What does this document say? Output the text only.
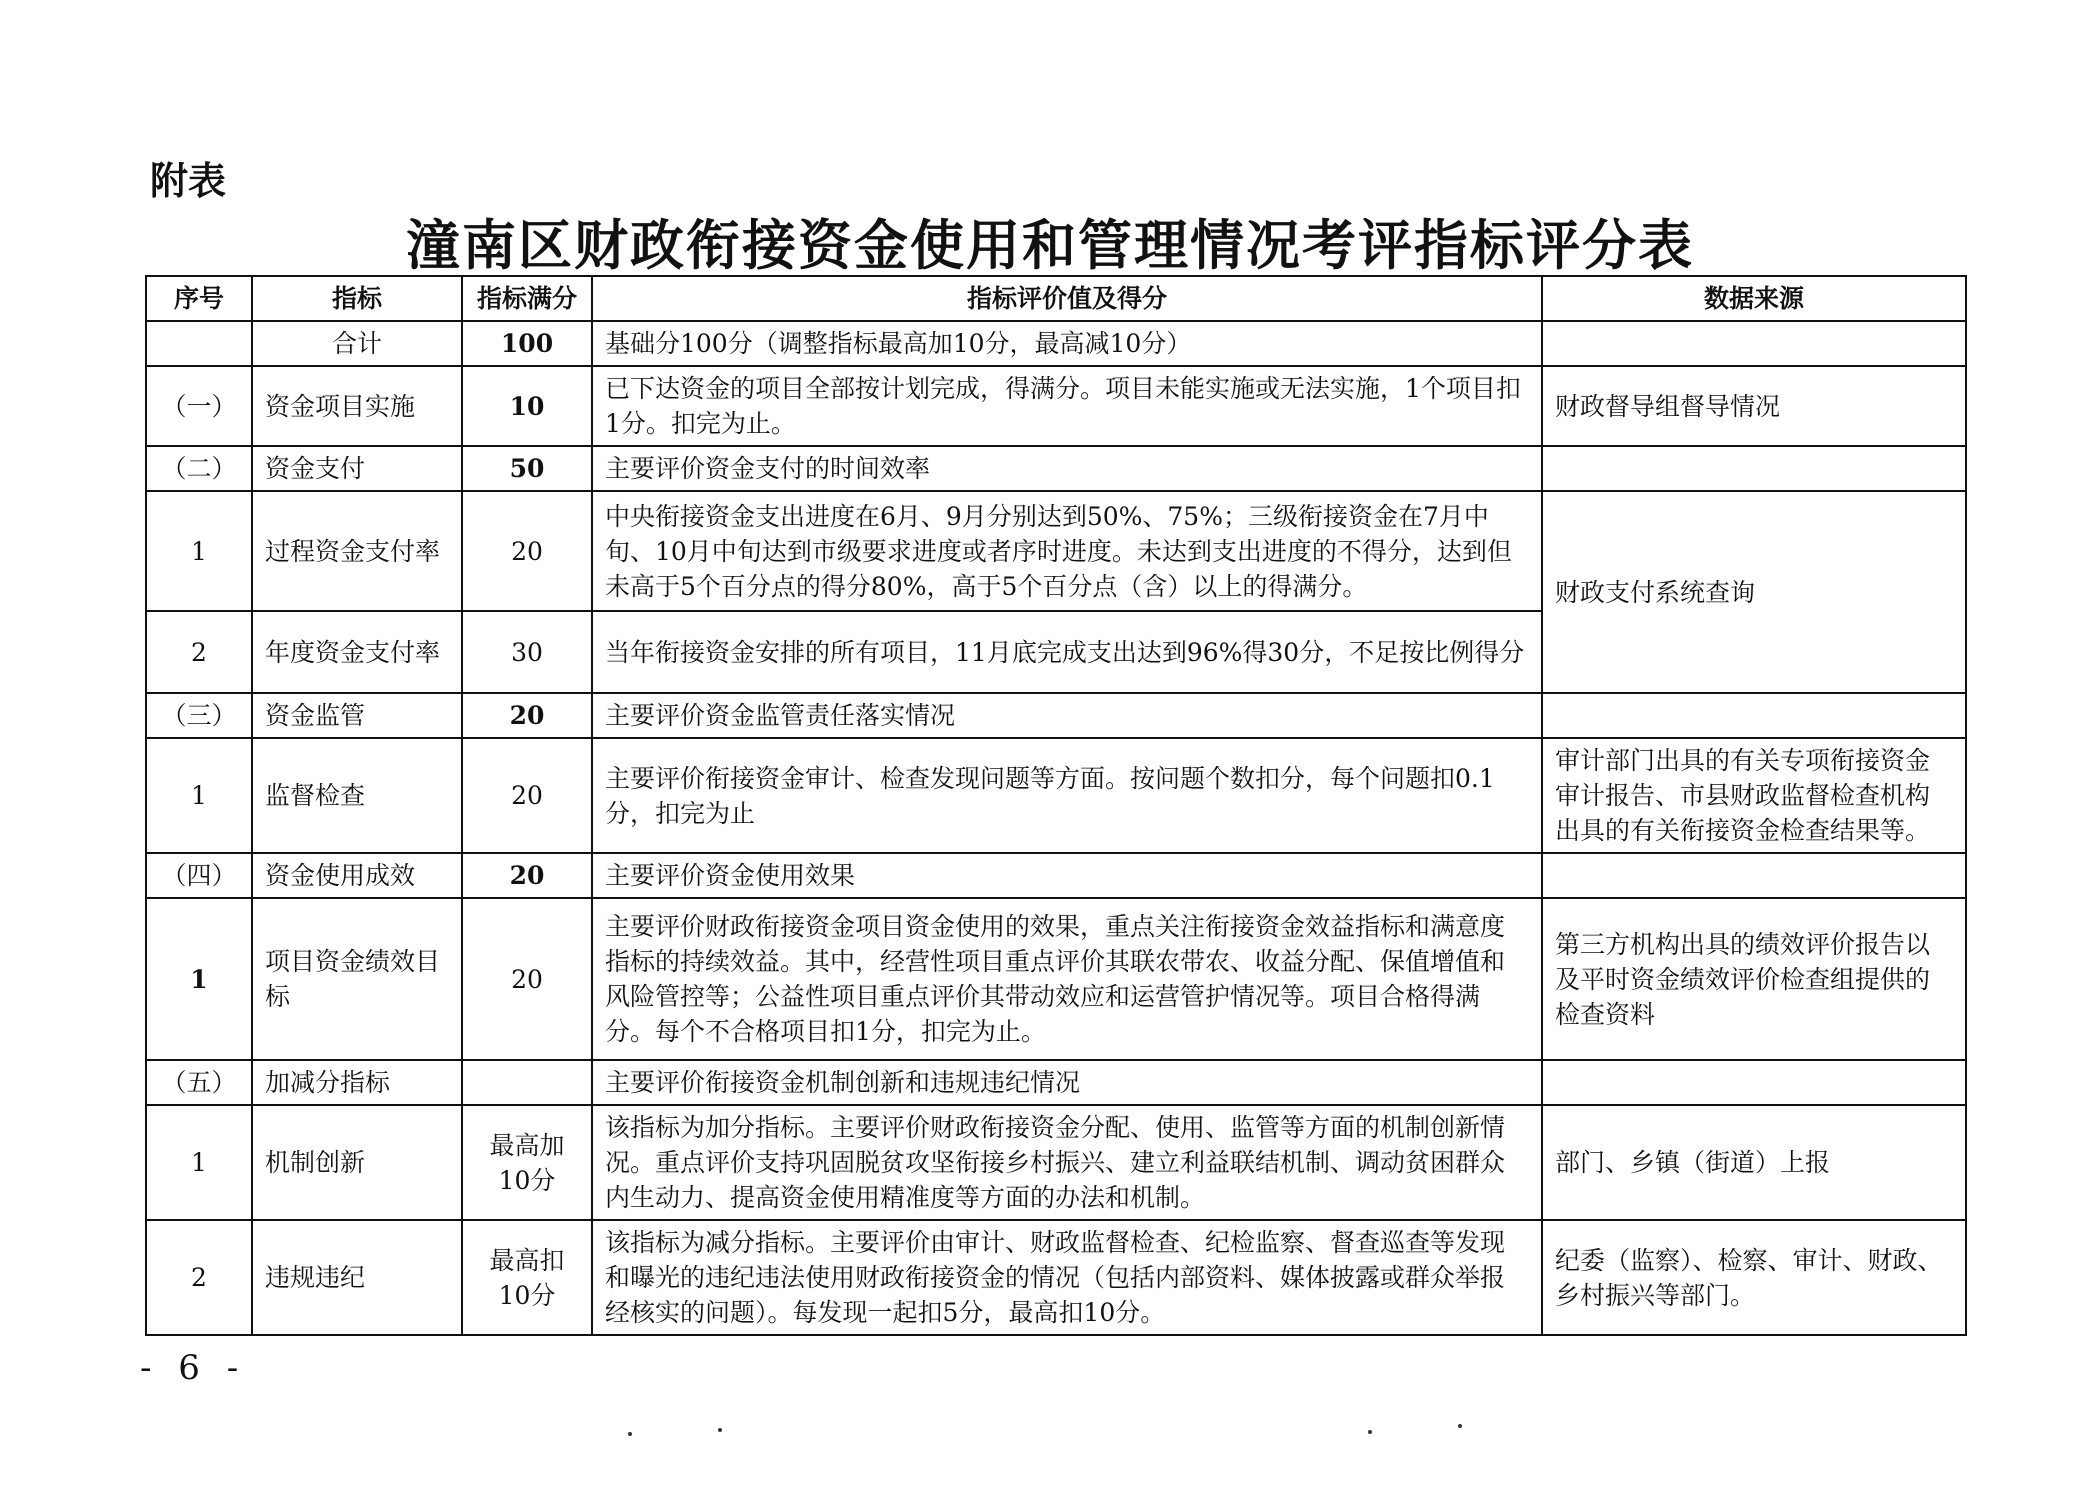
附表
潼南区财政衔接资金使用和管理情况考评指标评分表
序号	指标	指标满分	指标评价值及得分	数据来源
	合计	100	基础分100分（调整指标最高加10分，最高减10分）	
（一）	资金项目实施	10	已下达资金的项目全部按计划完成，得满分。项目未能实施或无法实施，1个项目扣1分。扣完为止。	财政督导组督导情况
（二）	资金支付	50	主要评价资金支付的时间效率	
1	过程资金支付率	20	中央衔接资金支出进度在6月、9月分别达到50%、75%；三级衔接资金在7月中旬、10月中旬达到市级要求进度或者序时进度。未达到支出进度的不得分，达到但未高于5个百分点的得分80%，高于5个百分点（含）以上的得满分。	财政支付系统查询
2	年度资金支付率	30	当年衔接资金安排的所有项目，11月底完成支出达到96%得30分，不足按比例得分	
（三）	资金监管	20	主要评价资金监管责任落实情况	
1	监督检查	20	主要评价衔接资金审计、检查发现问题等方面。按问题个数扣分，每个问题扣0.1分，扣完为止	审计部门出具的有关专项衔接资金审计报告、市县财政监督检查机构出具的有关衔接资金检查结果等。
（四）	资金使用成效	20	主要评价资金使用效果	
1	项目资金绩效目标	20	主要评价财政衔接资金项目资金使用的效果，重点关注衔接资金效益指标和满意度指标的持续效益。其中，经营性项目重点评价其联农带农、收益分配、保值增值和风险管控等；公益性项目重点评价其带动效应和运营管护情况等。项目合格得满分。每个不合格项目扣1分，扣完为止。	第三方机构出具的绩效评价报告以及平时资金绩效评价检查组提供的检查资料
（五）	加减分指标		主要评价衔接资金机制创新和违规违纪情况	
1	机制创新	最高加10分	该指标为加分指标。主要评价财政衔接资金分配、使用、监管等方面的机制创新情况。重点评价支持巩固脱贫攻坚衔接乡村振兴、建立利益联结机制、调动贫困群众内生动力、提高资金使用精准度等方面的办法和机制。	部门、乡镇（街道）上报
2	违规违纪	最高扣10分	该指标为减分指标。主要评价由审计、财政监督检查、纪检监察、督查巡查等发现和曝光的违纪违法使用财政衔接资金的情况（包括内部资料、媒体披露或群众举报经核实的问题）。每发现一起扣5分，最高扣10分。	纪委（监察）、检察、审计、财政、乡村振兴等部门。
- 6 -
